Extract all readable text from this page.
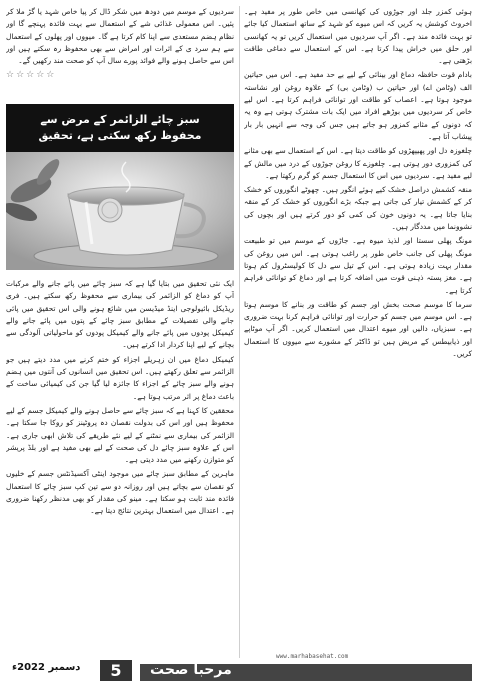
ہوئی کمزر جلد اور جوڑوں کی کھانسی میں خاص طور پر مفید ہے۔ اخروٹ کوشش یہ کریں کہ اس میوے کو شہد کے ساتھ استعمال کیا جائے تو بہت فائدہ مند ہے۔ اگر آپ سردیوں میں استعمال کریں تو یہ کھانسی اور حلق میں خراش پیدا کرتا ہے۔ اس کے استعمال سے دماغی طاقت بڑھتی ہے۔

بادام قوت حافظہ دماغ اور بینائی کے لیے بے حد مفید ہے۔ اس میں حیاتین الف (وٹامن اے) اور حیاتین ب (وٹامن بی) کے علاوہ روغن اور نشاستہ موجود ہوتا ہے۔ اعصاب کو طاقت اور توانائی فراہم کرتا ہے۔ اس لیے خاص کر سردیوں میں بوڑھے افراد میں ایک بات مشترک ہوتی ہے وہ یہ کہ دونوں کے مثانے کمزور ہو جاتے ہیں جس کی وجہ سے انہیں بار بار پیشاب آتا ہے۔

چلغوزہ دل اور پھیپھڑوں کو طاقت دیتا ہے۔ اس کے استعمال سے بھی مثانے کی کمزوری دور ہوتی ہے۔ چلغوزے کا روغن جوڑوں کے درد میں مالش کے لیے مفید ہے۔ سردیوں میں اس کا استعمال جسم کو گرم رکھتا ہے۔

منقہ کشمش دراصل خشک کیے ہوئے انگور ہیں۔ چھوٹے انگوروں کو خشک کر کے کشمش تیار کی جاتی ہے جبکہ بڑے انگوروں کو خشک کر کے منقہ بنایا جاتا ہے۔ یہ دونوں خون کی کمی کو دور کرتے ہیں اور بچوں کی نشوونما میں مددگار ہیں۔

مونگ پھلی سستا اور لذیذ میوہ ہے۔ جاڑوں کے موسم میں تو طبیعت مونگ پھلی کی جانب خاص طور پر راغب ہوتی ہے۔ اس میں روغن کی مقدار بہت زیادہ ہوتی ہے۔ اس کے تیل سے دل کا کولیسٹرول کم ہوتا ہے۔ مغز پستہ ذہنی قوت میں اضافہ کرتا ہے اور دماغ کو توانائی فراہم کرتا ہے۔

سرما کا موسم صحت بخش اور جسم کو طاقت ور بنانے کا موسم ہوتا ہے۔ اس موسم میں جسم کو حرارت اور توانائی فراہم کرنا بہت ضروری ہے۔ سبزیاں، دالیں اور میوے اعتدال میں استعمال کریں۔ اگر آپ موٹاپے اور ذیابیطس کے مریض ہیں تو ڈاکٹر کے مشورے سے میووں کا استعمال کریں۔

سردیوں کے موسم میں دودھ میں شکر ڈال کر پیا خاص شہد یا گڑ ملا کر پئیں۔ اس معمولی غذائی شے کے استعمال سے بہت فائدہ پہنچے گا اور نظام ہضم مستعدی سے اپنا کام کرتا ہے گا۔ میووں اور پھلوں کے استعمال سے ہم سرد ی کے اثرات اور امراض سے بھی محفوظ رہ سکتے ہیں اور اس سے حاصل ہونے والے فوائد پورے سال آپ کو صحت مند رکھیں گے۔

☆☆☆☆☆
سبز چائے الزائمر کے مرض سے
محفوظ رکھ سکتی ہے، تحقیق

ایک نئی تحقیق میں بتایا گیا ہے کہ سبز چائے میں پائے جانے والے مرکبات آپ کو دماغ کو الزائمر کی بیماری سے محفوظ رکھ سکتے ہیں۔ فری ریڈیکل بائیولوجی اینڈ میڈیسن میں شائع ہونے والی اس تحقیق میں پائی جانے والی تفصیلات کے مطابق سبز چائے کے پتوں میں پائے جانے والے کیمیکل پودوں میں پائے جانے والے کیمیکل پودوں کو ماحولیاتی آلودگی سے بچانے کے لیے اپنا کردار ادا کرتے ہیں۔

کیمیکل دماغ میں ان زہریلے اجزاء کو ختم کرنے میں مدد دیتے ہیں جو الزائمر سے تعلق رکھتے ہیں۔ اس تحقیق میں انسانوں کی آنتوں میں ہضم ہونے والے سبز چائے کے اجزاء کا جائزہ لیا گیا جن کی کیمیائی ساخت کے باعث دماغ پر اثر مرتب ہوتا ہے۔

محققین کا کہنا ہے کہ سبز چائے سے حاصل ہونے والے کیمیکل جسم کے لیے محفوظ ہیں اور اس کی بدولت نقصان دہ پروٹینز کو روکا جا سکتا ہے۔ الزائمر کی بیماری سے نمٹنے کے لیے نئے طریقے کی تلاش ابھی جاری ہے۔ اس کے علاوہ سبز چائے دل کی صحت کے لیے بھی مفید ہے اور بلڈ پریشر کو متوازن رکھنے میں مدد دیتی ہے۔

ماہرین کے مطابق سبز چائے میں موجود اینٹی آکسیڈنٹس جسم کے خلیوں کو نقصان سے بچاتے ہیں اور روزانہ دو سے تین کپ سبز چائے کا استعمال فائدہ مند ثابت ہو سکتا ہے۔ مینو کی مقدار کو بھی مدنظر رکھنا ضروری ہے۔ اعتدال میں استعمال بہترین نتائج دیتا ہے۔

دسمبر 2022ء	5	مرحبا صحت
www.marhabasehat.com
